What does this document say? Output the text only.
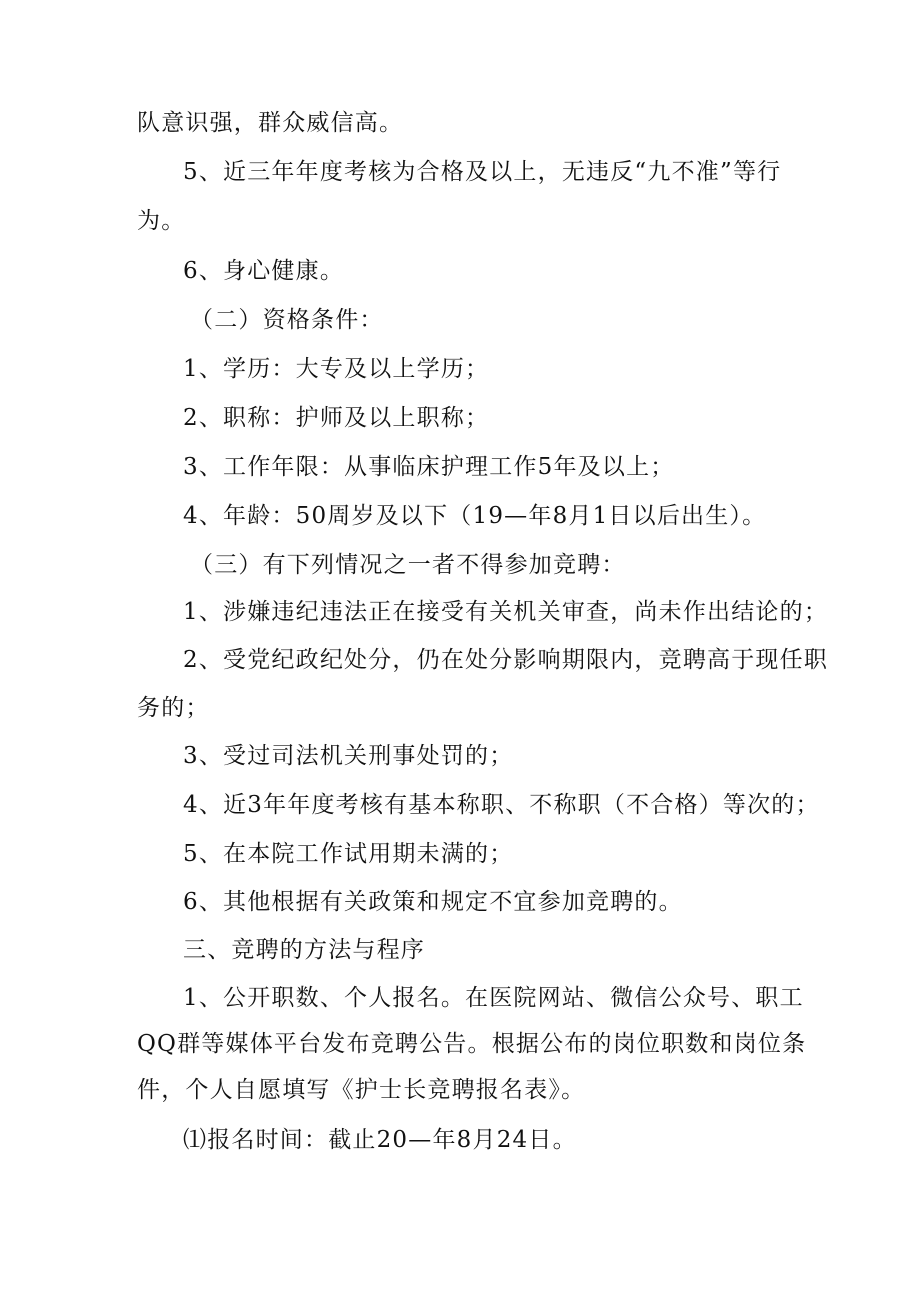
队意识强，群众威信高。
5、近三年年度考核为合格及以上，无违反“九不准”等行
为。
6、身心健康。
（二）资格条件：
1、学历：大专及以上学历；
2、职称：护师及以上职称；
3、工作年限：从事临床护理工作5年及以上；
4、年龄：50周岁及以下（19—年8月1日以后出生）。
（三）有下列情况之一者不得参加竞聘：
1、涉嫌违纪违法正在接受有关机关审查，尚未作出结论的；
2、受党纪政纪处分，仍在处分影响期限内，竞聘高于现任职
务的；
3、受过司法机关刑事处罚的；
4、近3年年度考核有基本称职、不称职（不合格）等次的；
5、在本院工作试用期未满的；
6、其他根据有关政策和规定不宜参加竞聘的。
三、竞聘的方法与程序
1、公开职数、个人报名。在医院网站、微信公众号、职工
QQ群等媒体平台发布竞聘公告。根据公布的岗位职数和岗位条
件，个人自愿填写《护士长竞聘报名表》。
⑴报名时间：截止20—年8月24日。
